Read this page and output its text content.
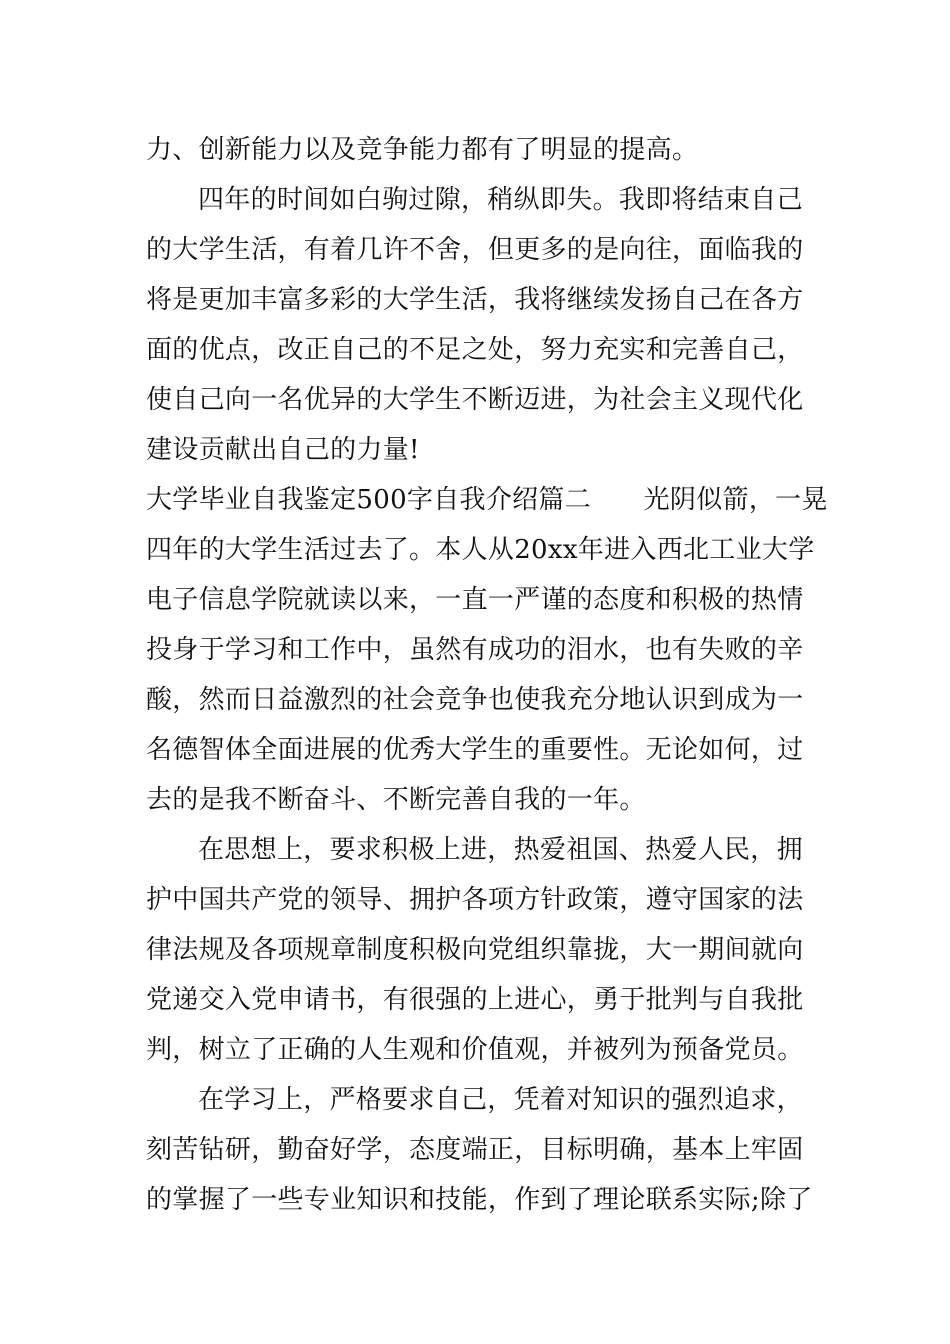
力、创新能力以及竞争能力都有了明显的提高。
四年的时间如白驹过隙，稍纵即失。我即将结束自己
的大学生活，有着几许不舍，但更多的是向往，面临我的
将是更加丰富多彩的大学生活，我将继续发扬自己在各方
面的优点，改正自己的不足之处，努力充实和完善自己，
使自己向一名优异的大学生不断迈进，为社会主义现代化
建设贡献出自己的力量!
大学毕业自我鉴定500字自我介绍篇二　　光阴似箭，一晃
四年的大学生活过去了。本人从20xx年进入西北工业大学
电子信息学院就读以来，一直一严谨的态度和积极的热情
投身于学习和工作中，虽然有成功的泪水，也有失败的辛
酸，然而日益激烈的社会竞争也使我充分地认识到成为一
名德智体全面进展的优秀大学生的重要性。无论如何，过
去的是我不断奋斗、不断完善自我的一年。
在思想上，要求积极上进，热爱祖国、热爱人民，拥
护中国共产党的领导、拥护各项方针政策，遵守国家的法
律法规及各项规章制度积极向党组织靠拢，大一期间就向
党递交入党申请书，有很强的上进心，勇于批判与自我批
判，树立了正确的人生观和价值观，并被列为预备党员。
在学习上，严格要求自己，凭着对知识的强烈追求，
刻苦钻研，勤奋好学，态度端正，目标明确，基本上牢固
的掌握了一些专业知识和技能，作到了理论联系实际;除了
